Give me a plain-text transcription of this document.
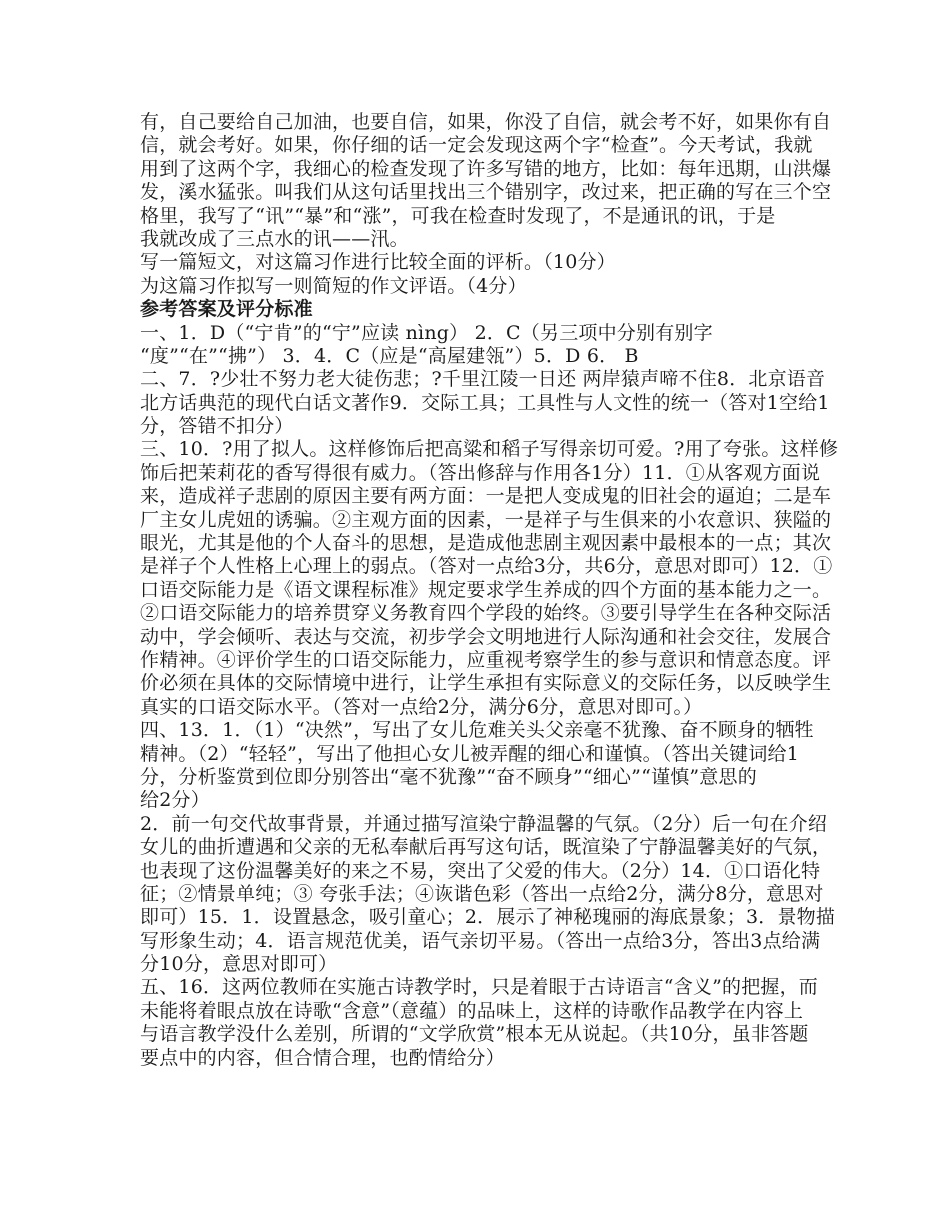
有，自己要给自己加油，也要自信，如果，你没了自信，就会考不好，如果你有自
信，就会考好。如果，你仔细的话一定会发现这两个字“检查”。今天考试，我就
用到了这两个字，我细心的检查发现了许多写错的地方，比如：每年迅期，山洪爆
发，溪水猛张。叫我们从这句话里找出三个错别字，改过来，把正确的写在三个空
格里，我写了“讯”“暴”和“涨”，可我在检查时发现了，不是通讯的讯，于是
我就改成了三点水的讯——汛。
写一篇短文，对这篇习作进行比较全面的评析。（10分）
为这篇习作拟写一则简短的作文评语。（4分）
参考答案及评分标准
一、1．D（“宁肯”的“宁”应读 nìng） 2．C（另三项中分别有别字
“度”“在”“拂”） 3．4．C（应是“高屋建瓴”）5．D 6． B
二、7．?少壮不努力老大徒伤悲；?千里江陵一日还 两岸猿声啼不住8．北京语音
北方话典范的现代白话文著作9．交际工具；工具性与人文性的统一（答对1空给1
分，答错不扣分）
三、10．?用了拟人。这样修饰后把高粱和稻子写得亲切可爱。?用了夸张。这样修
饰后把茉莉花的香写得很有威力。（答出修辞与作用各1分）11．①从客观方面说
来，造成祥子悲剧的原因主要有两方面：一是把人变成鬼的旧社会的逼迫；二是车
厂主女儿虎妞的诱骗。②主观方面的因素，一是祥子与生俱来的小农意识、狭隘的
眼光，尤其是他的个人奋斗的思想，是造成他悲剧主观因素中最根本的一点；其次
是祥子个人性格上心理上的弱点。（答对一点给3分，共6分，意思对即可）12．①
口语交际能力是《语文课程标准》规定要求学生养成的四个方面的基本能力之一。
②口语交际能力的培养贯穿义务教育四个学段的始终。③要引导学生在各种交际活
动中，学会倾听、表达与交流，初步学会文明地进行人际沟通和社会交往，发展合
作精神。④评价学生的口语交际能力，应重视考察学生的参与意识和情意态度。评
价必须在具体的交际情境中进行，让学生承担有实际意义的交际任务，以反映学生
真实的口语交际水平。（答对一点给2分，满分6分，意思对即可。）
四、13．1．（1）“决然”，写出了女儿危难关头父亲毫不犹豫、奋不顾身的牺牲
精神。（2）“轻轻”，写出了他担心女儿被弄醒的细心和谨慎。（答出关键词给1
分，分析鉴赏到位即分别答出“毫不犹豫”“奋不顾身”“细心”“谨慎”意思的
给2分）
2．前一句交代故事背景，并通过描写渲染宁静温馨的气氛。（2分）后一句在介绍
女儿的曲折遭遇和父亲的无私奉献后再写这句话，既渲染了宁静温馨美好的气氛，
也表现了这份温馨美好的来之不易，突出了父爱的伟大。（2分）14．①口语化特
征；②情景单纯；③ 夸张手法；④诙谐色彩（答出一点给2分，满分8分，意思对
即可）15．1．设置悬念，吸引童心；2．展示了神秘瑰丽的海底景象；3．景物描
写形象生动；4．语言规范优美，语气亲切平易。（答出一点给3分，答出3点给满
分10分，意思对即可）
五、16．这两位教师在实施古诗教学时，只是着眼于古诗语言“含义”的把握，而
未能将着眼点放在诗歌“含意”（意蕴）的品味上，这样的诗歌作品教学在内容上
与语言教学没什么差别，所谓的“文学欣赏”根本无从说起。（共10分，虽非答题
要点中的内容，但合情合理，也酌情给分）
